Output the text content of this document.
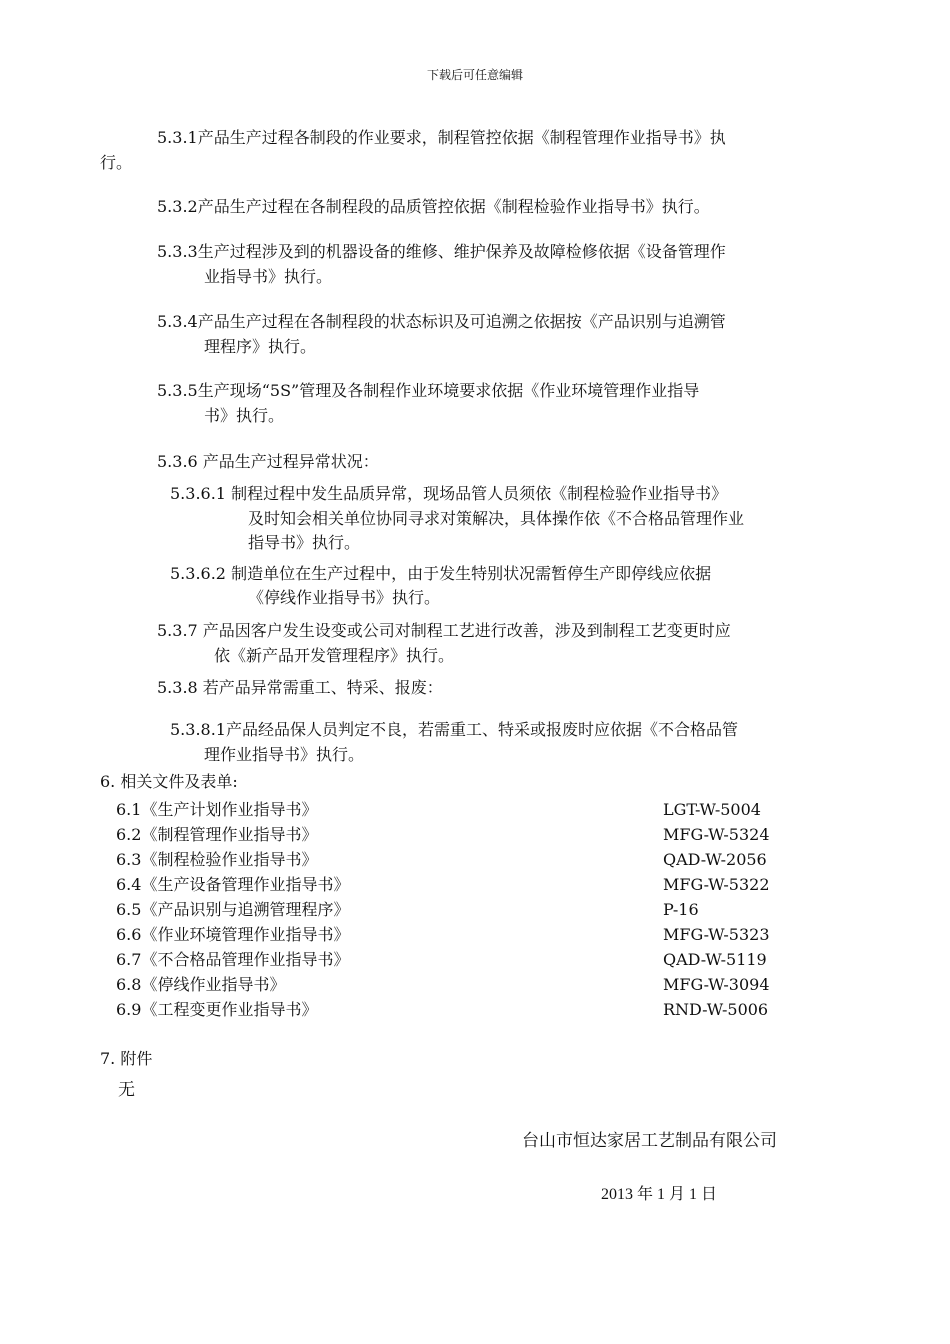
下载后可任意编辑
5.3.1产品生产过程各制段的作业要求，制程管控依据《制程管理作业指导书》执
行。
5.3.2产品生产过程在各制程段的品质管控依据《制程检验作业指导书》执行。
5.3.3生产过程涉及到的机器设备的维修、维护保养及故障检修依据《设备管理作
业指导书》执行。
5.3.4产品生产过程在各制程段的状态标识及可追溯之依据按《产品识别与追溯管
理程序》执行。
5.3.5生产现场“5S”管理及各制程作业环境要求依据《作业环境管理作业指导
书》执行。
5.3.6 产品生产过程异常状况：
5.3.6.1 制程过程中发生品质异常，现场品管人员须依《制程检验作业指导书》
及时知会相关单位协同寻求对策解决，具体操作依《不合格品管理作业
指导书》执行。
5.3.6.2 制造单位在生产过程中，由于发生特别状况需暂停生产即停线应依据
《停线作业指导书》执行。
5.3.7 产品因客户发生设变或公司对制程工艺进行改善，涉及到制程工艺变更时应
依《新产品开发管理程序》执行。
5.3.8 若产品异常需重工、特采、报废：
5.3.8.1产品经品保人员判定不良，若需重工、特采或报废时应依据《不合格品管
理作业指导书》执行。
6. 相关文件及表单:
6.1《生产计划作业指导书》	LGT-W-5004
6.2《制程管理作业指导书》	MFG-W-5324
6.3《制程检验作业指导书》	QAD-W-2056
6.4《生产设备管理作业指导书》	MFG-W-5322
6.5《产品识别与追溯管理程序》	P-16
6.6《作业环境管理作业指导书》	MFG-W-5323
6.7《不合格品管理作业指导书》	QAD-W-5119
6.8《停线作业指导书》	MFG-W-3094
6.9《工程变更作业指导书》	RND-W-5006
7. 附件
无
台山市恒达家居工艺制品有限公司
2013 年 1 月 1 日
